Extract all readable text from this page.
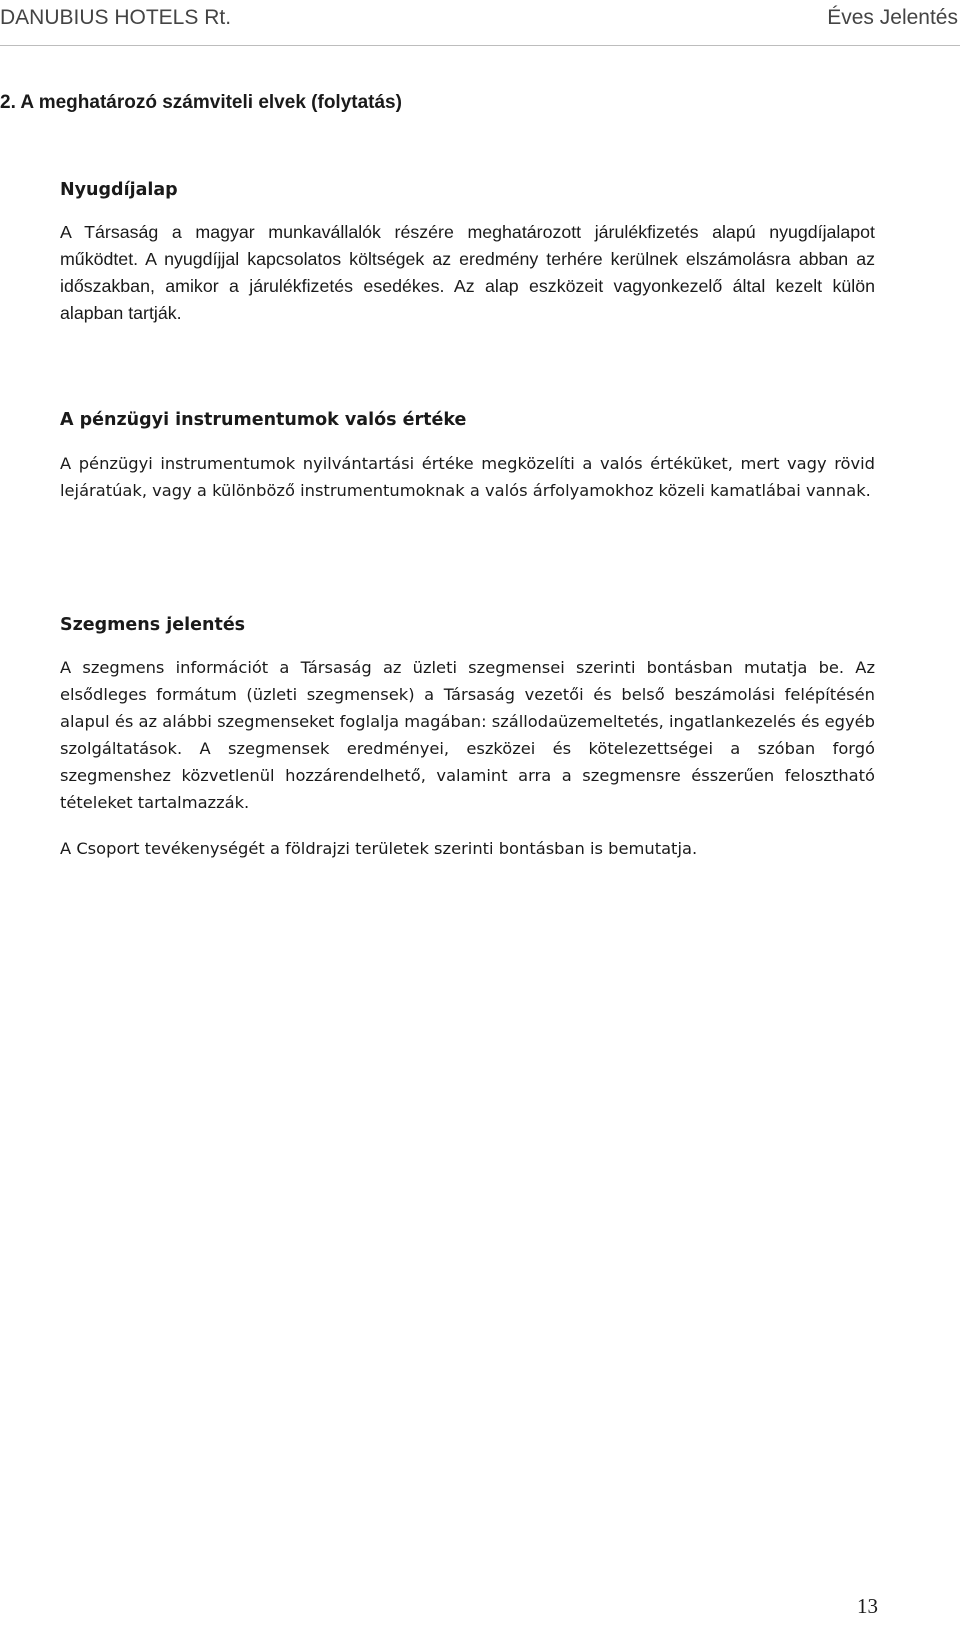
DANUBIUS HOTELS Rt.	Éves Jelentés
2. A meghatározó számviteli elvek (folytatás)
Nyugdíjalap

A Társaság a magyar munkavállalók részére meghatározott járulékfizetés alapú nyugdíjalapot működtet. A nyugdíjjal kapcsolatos költségek az eredmény terhére kerülnek elszámolásra abban az időszakban, amikor a járulékfizetés esedékes. Az alap eszközeit vagyonkezelő által kezelt külön alapban tartják.

A pénzügyi instrumentumok valós értéke

A pénzügyi instrumentumok nyilvántartási értéke megközelíti a valós értéküket, mert vagy rövid lejáratúak, vagy a különböző instrumentumoknak a valós árfolyamokhoz közeli kamatlábai vannak.

Szegmens jelentés

A szegmens információt a Társaság az üzleti szegmensei szerinti bontásban mutatja be. Az elsődleges formátum (üzleti szegmensek) a Társaság vezetői és belső beszámolási felépítésén alapul és az alábbi szegmenseket foglalja magában: szállodaüzemeltetés, ingatlankezelés és egyéb szolgáltatások. A szegmensek eredményei, eszközei és kötelezettségei a szóban forgó szegmenshez közvetlenül hozzárendelhető, valamint arra a szegmensre ésszerűen felosztható tételeket tartalmazzák.

A Csoport tevékenységét a földrajzi területek szerinti bontásban is bemutatja.

13
